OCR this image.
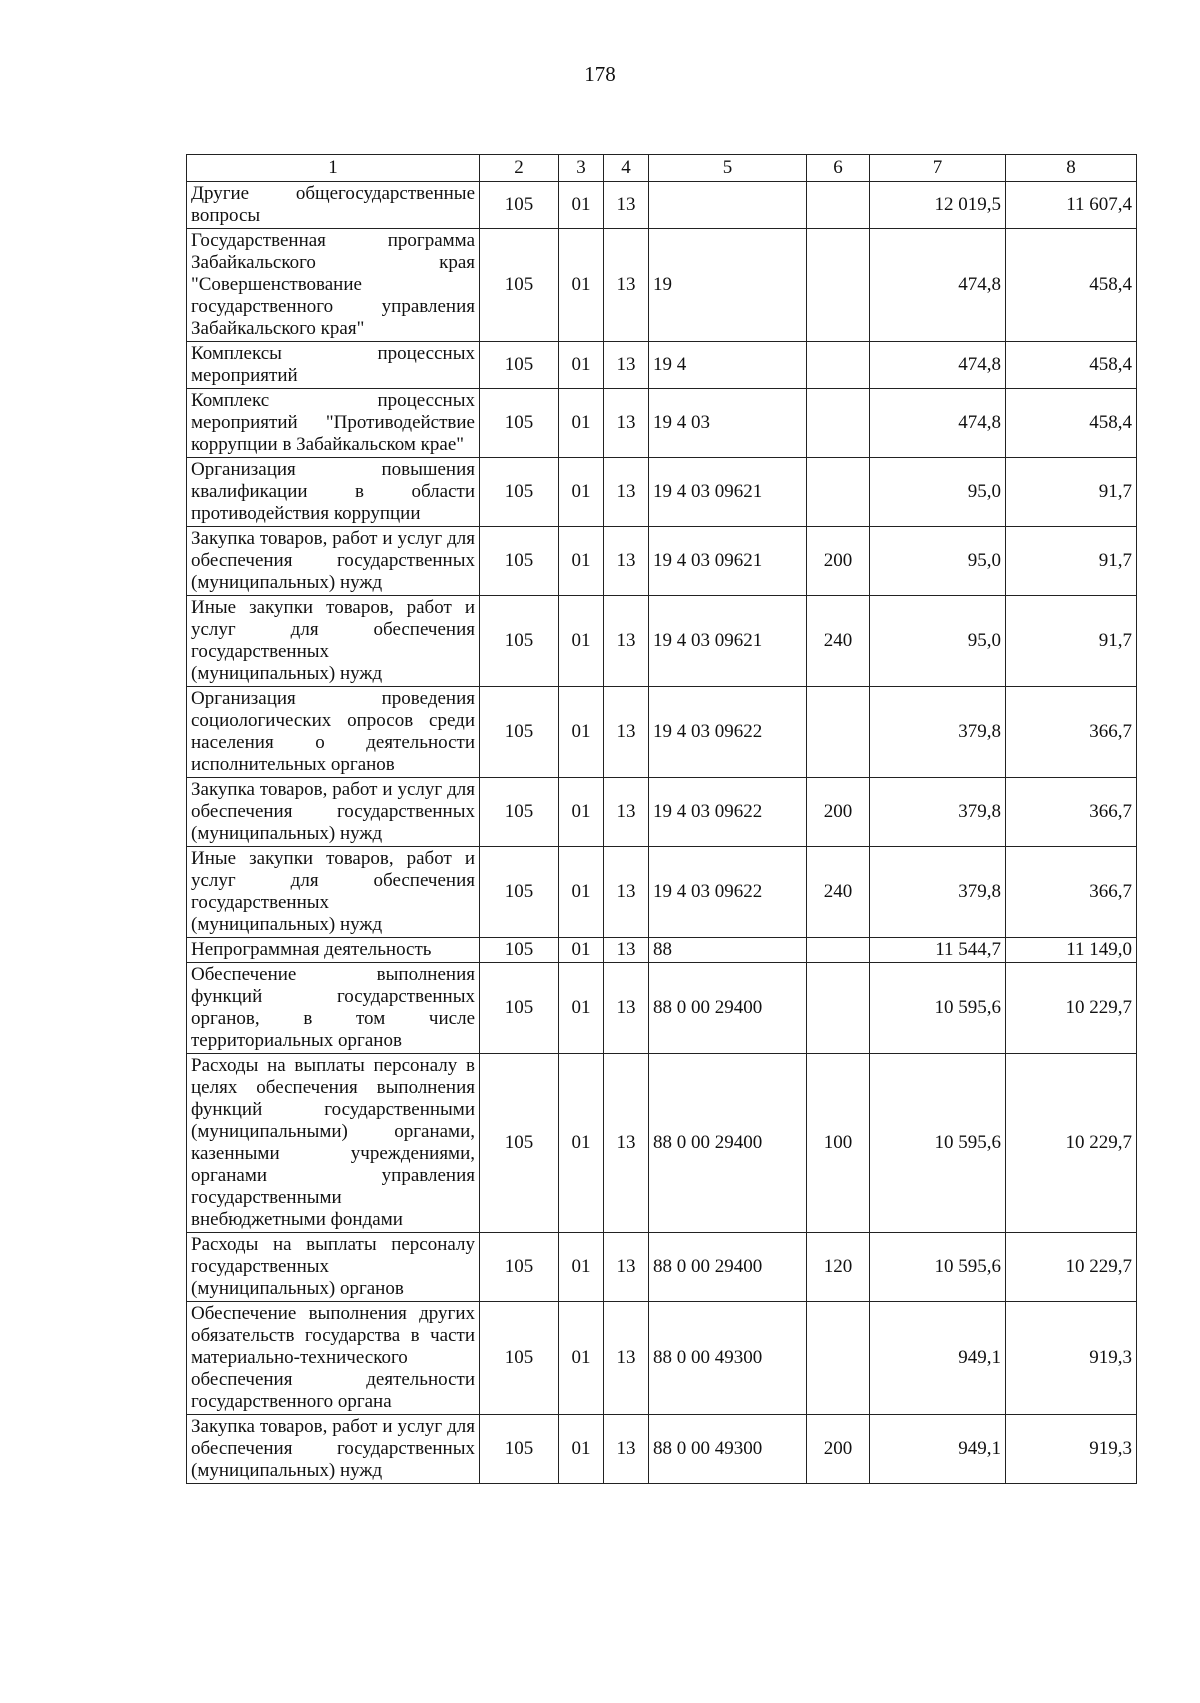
178
1	2	3	4	5	6	7	8
Другие общегосударственные вопросы	105	01	13			12 019,5	11 607,4
Государственная программа Забайкальского края "Совершенствование государственного управления Забайкальского края"	105	01	13	19		474,8	458,4
Комплексы процессных мероприятий	105	01	13	19 4		474,8	458,4
Комплекс процессных мероприятий "Противодействие коррупции в Забайкальском крае"	105	01	13	19 4 03		474,8	458,4
Организация повышения квалификации в области противодействия коррупции	105	01	13	19 4 03 09621		95,0	91,7
Закупка товаров, работ и услуг для обеспечения государственных (муниципальных) нужд	105	01	13	19 4 03 09621	200	95,0	91,7
Иные закупки товаров, работ и услуг для обеспечения государственных (муниципальных) нужд	105	01	13	19 4 03 09621	240	95,0	91,7
Организация проведения социологических опросов среди населения о деятельности исполнительных органов	105	01	13	19 4 03 09622		379,8	366,7
Закупка товаров, работ и услуг для обеспечения государственных (муниципальных) нужд	105	01	13	19 4 03 09622	200	379,8	366,7
Иные закупки товаров, работ и услуг для обеспечения государственных (муниципальных) нужд	105	01	13	19 4 03 09622	240	379,8	366,7
Непрограммная деятельность	105	01	13	88		11 544,7	11 149,0
Обеспечение выполнения функций государственных органов, в том числе территориальных органов	105	01	13	88 0 00 29400		10 595,6	10 229,7
Расходы на выплаты персоналу в целях обеспечения выполнения функций государственными (муниципальными) органами, казенными учреждениями, органами управления государственными внебюджетными фондами	105	01	13	88 0 00 29400	100	10 595,6	10 229,7
Расходы на выплаты персоналу государственных (муниципальных) органов	105	01	13	88 0 00 29400	120	10 595,6	10 229,7
Обеспечение выполнения других обязательств государства в части материально-технического обеспечения деятельности государственного органа	105	01	13	88 0 00 49300		949,1	919,3
Закупка товаров, работ и услуг для обеспечения государственных (муниципальных) нужд	105	01	13	88 0 00 49300	200	949,1	919,3
